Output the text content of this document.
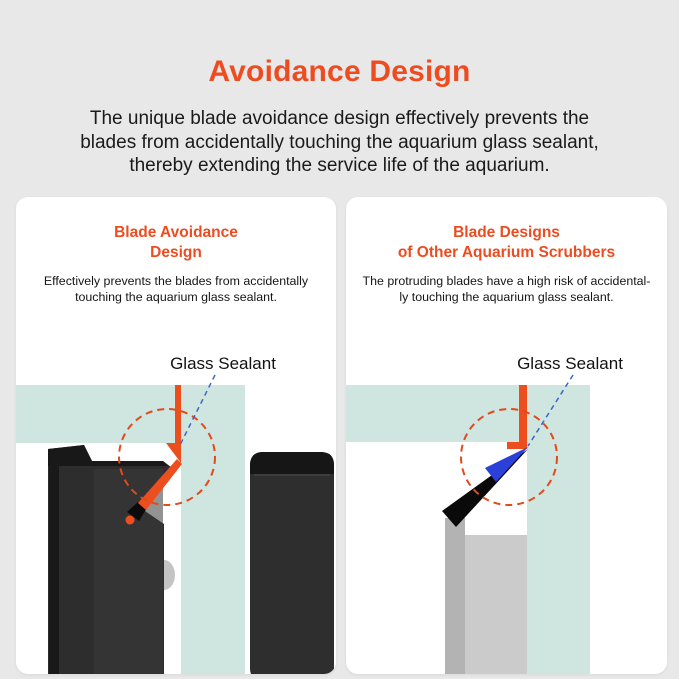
Avoidance Design
The unique blade avoidance design effectively prevents the
blades from accidentally touching the aquarium glass sealant,
thereby extending the service life of the aquarium.
Glass Sealant
Blade Avoidance
Design
Effectively prevents the blades from accidentally
touching the aquarium glass sealant.
Glass Sealant
Blade Designs
of Other Aquarium Scrubbers
The protruding blades have a high risk of accidental-
ly touching the aquarium glass sealant.
